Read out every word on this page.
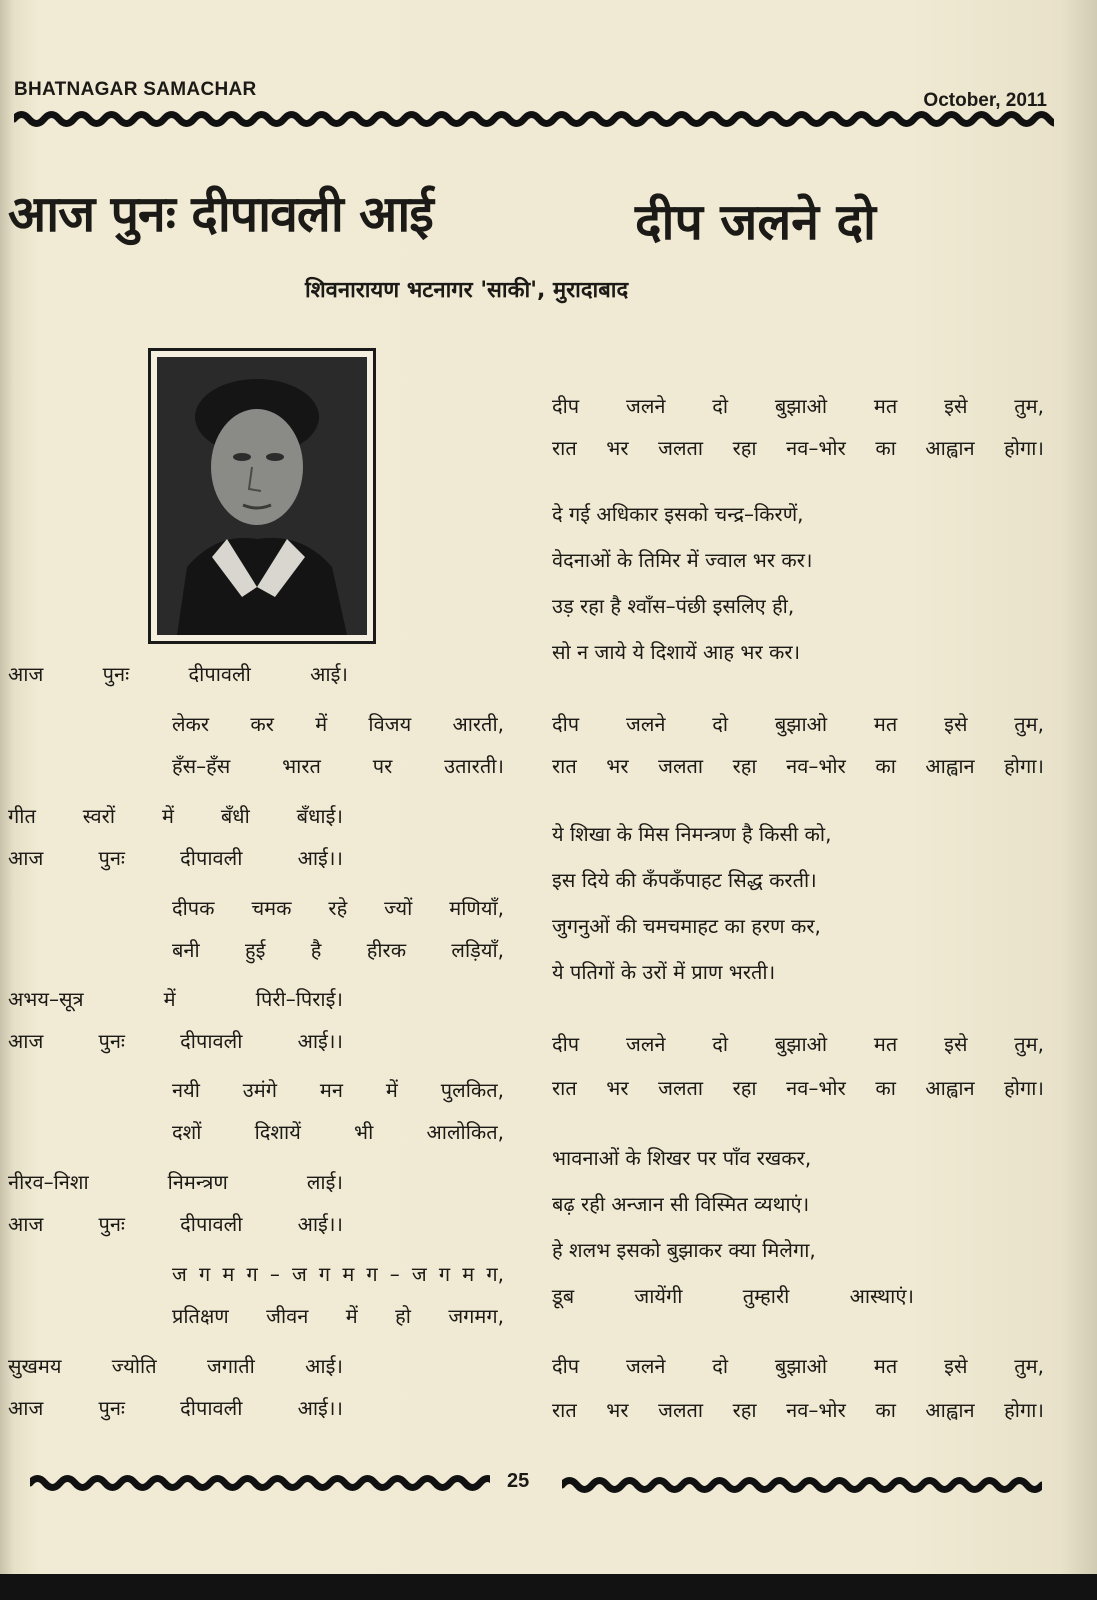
BHATNAGAR SAMACHAR
October, 2011
आज पुनः दीपावली आई	दीप जलने दो
शिवनारायण भटनागर 'साकी', मुरादाबाद
आज पुनः दीपावली आई।
लेकर कर में विजय आरती,
हँस–हँस भारत पर उतारती।
गीत स्वरों में बँधी बँधाई।
आज पुनः दीपावली आई।।
दीपक चमक रहे ज्यों मणियाँ,
बनी हुई है हीरक लड़ियाँ,
अभय–सूत्र में पिरी–पिराई।
आज पुनः दीपावली आई।।
नयी उमंगे मन में पुलकित,
दशों दिशायें भी आलोकित,
नीरव–निशा निमन्त्रण लाई।
आज पुनः दीपावली आई।।
ज ग म ग – ज ग म ग – ज ग म ग,
प्रतिक्षण जीवन में हो जगमग,
सुखमय ज्योति जगाती आई।
आज पुनः दीपावली आई।।
दीप जलने दो बुझाओ मत इसे तुम,
रात भर जलता रहा नव–भोर का आह्वान होगा।
दे गई अधिकार इसको चन्द्र–किरणें,
वेदनाओं के तिमिर में ज्वाल भर कर।
उड़ रहा है श्वाँस–पंछी इसलिए ही,
सो न जाये ये दिशायें आह भर कर।
दीप जलने दो बुझाओ मत इसे तुम,
रात भर जलता रहा नव–भोर का आह्वान होगा।
ये शिखा के मिस निमन्त्रण है किसी को,
इस दिये की कँपकँपाहट सिद्ध करती।
जुगनुओं की चमचमाहट का हरण कर,
ये पतिगों के उरों में प्राण भरती।
दीप जलने दो बुझाओ मत इसे तुम,
रात भर जलता रहा नव–भोर का आह्वान होगा।
भावनाओं के शिखर पर पाँव रखकर,
बढ़ रही अन्जान सी विस्मित व्यथाएं।
हे शलभ इसको बुझाकर क्या मिलेगा,
डूब जायेंगी तुम्हारी आस्थाएं।
दीप जलने दो बुझाओ मत इसे तुम,
रात भर जलता रहा नव–भोर का आह्वान होगा।
25
